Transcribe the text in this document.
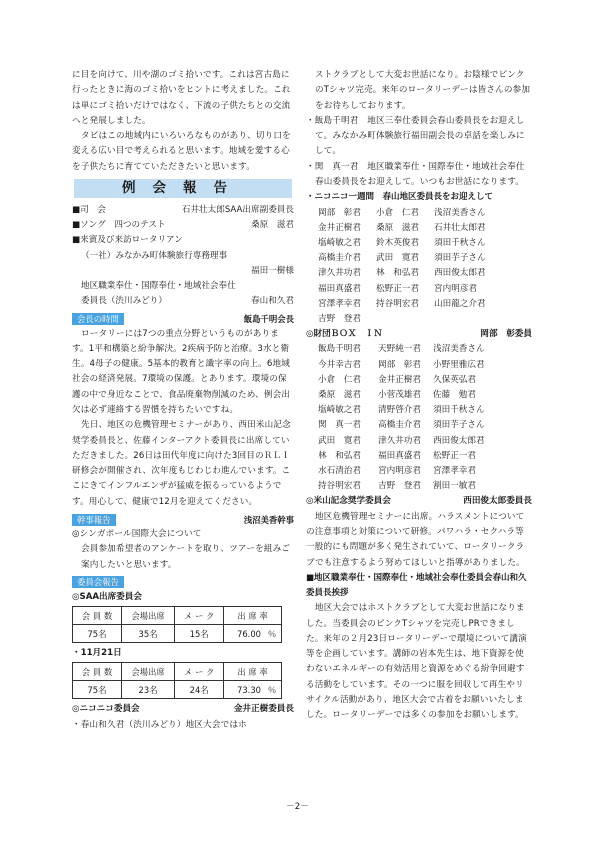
に目を向けて、川や湖のゴミ拾いです。これは宮古島に行ったときに海のゴミ拾いをヒントに考えました。これは単にゴミ拾いだけではなく、下流の子供たちとの交流へと発展しました。
タビはこの地域内にいろいろなものがあり、切り口を変える広い目で考えられると思います。地域を愛する心を子供たちに育てていただきたいと思います。
例会報告
■司　会	石井壮太郎SAA出席副委員長
■ソング　四つのテスト	桑原　滋君
■来賓及び来訪ロータリアン
（一社）みなかみ町体験旅行専務理事
福田一樹様
地区職業奉仕・国際奉仕・地域社会奉仕
委員長（渋川みどり）	春山和久君
会長の時間	飯島千明会長
ロータリーには7つの重点分野というものがあります。1平和構築と紛争解決。2疾病予防と治療。3水と衛生。4母子の健康。5基本的教育と識字率の向上。6地域社会の経済発展。7環境の保護。とあります。環境の保護の中で身近なことで、食品廃棄物削減のため、例会出欠は必ず連絡する習慣を持ちたいですね。
先日、地区の危機管理セミナーがあり、西田米山記念奨学委員長と、佐藤インターアクト委員長に出席していただきました。26日は田代年度に向けた3回目のＲＬＩ研修会が開催され、次年度もじわじわ進んでいます。ここにきてインフルエンザが猛威を振るっているようです。用心して、健康で12月を迎えてください。
幹事報告	浅沼美香幹事
◎シンガポール国際大会について
会員参加希望者のアンケートを取り、ツアーを組みご案内したいと思います。
委員会報告
◎SAA出席委員会
会 員 数	会場出席	メ ー ク	出 席 率	
75名	35名	15名	76.00	％
・11月21日
会 員 数	会場出席	メ ー ク	出 席 率	
75名	23名	24名	73.30	％
◎ニコニコ委員会	金井正樹委員長
・春山和久君（渋川みどり）地区大会ではホ
ストクラブとして大変お世話になり。お陰様でピンクのTシャツ完売。来年のロータリーデーは皆さんの参加をお待ちしております。
・飯島千明君　地区三奉仕委員会春山委員長をお迎えして。みなかみ町体験旅行福田副会長の卓話を楽しみにして。
・関　真一君　地区職業奉仕・国際奉仕・地域社会奉仕春山委員長をお迎えして。いつもお世話になります。
・ニコニコ一週間　春山地区委員長をお迎えして
岡部　彰君	小倉　仁君	浅沼美香さん
金井正樹君	桑原　滋君	石井壮太郎君
塩崎敏之君	鈴木英俊君	須田千秋さん
高橋圭介君	武田　寛君	須田芋子さん
津久井功君	林　和弘君	西田俊太郎君
福田真盛君	松野正一君	宮内明彦君
宮澤孝幸君	持谷明宏君	山田龍之介君
吉野　登君
◎財団ＢＯＸ　ＩＮ	岡部　彰委員
飯島千明君	天野純一君	浅沼美香さん
今井幸吉君	岡部　彰君	小野里雅広君
小倉　仁君	金井正樹君	久保英弘君
桑原　滋君	小菅茂雄君	佐藤　勉君
塩崎敏之君	清野啓介君	須田千秋さん
関　真一君	高橋圭介君	須田芋子さん
武田　寛君	津久井功君	西田俊太郎君
林　和弘君	福田真盛君	松野正一君
水石清治君	宮内明彦君	宮澤孝幸君
持谷明宏君	吉野　登君	割田一敏君
◎米山記念奨学委員会	西田俊太郎委員長
地区危機管理セミナーに出席。ハラスメントについての注意事項と対策について研修。パワハラ・セクハラ等一般的にも問題が多く発生されていて、ロータリークラブでも注意するよう努めてほしいと指導がありました。
■地区職業奉仕・国際奉仕・地域社会奉仕委員会春山和久委員長挨拶
地区大会ではホストクラブとして大変お世話になりました。当委員会のピンクTシャツを完売しPRできました。来年の２月23日ロータリーデーで環境について講演等を企画しています。講師の岩本先生は、地下資源を使わないエネルギーの有効活用と資源をめぐる紛争回避する活動をしています。その一つに服を回収して再生やリサイクル活動があり、地区大会で古着をお願いいたしました。ロータリーデーでは多くの参加をお願いします。
－2－
